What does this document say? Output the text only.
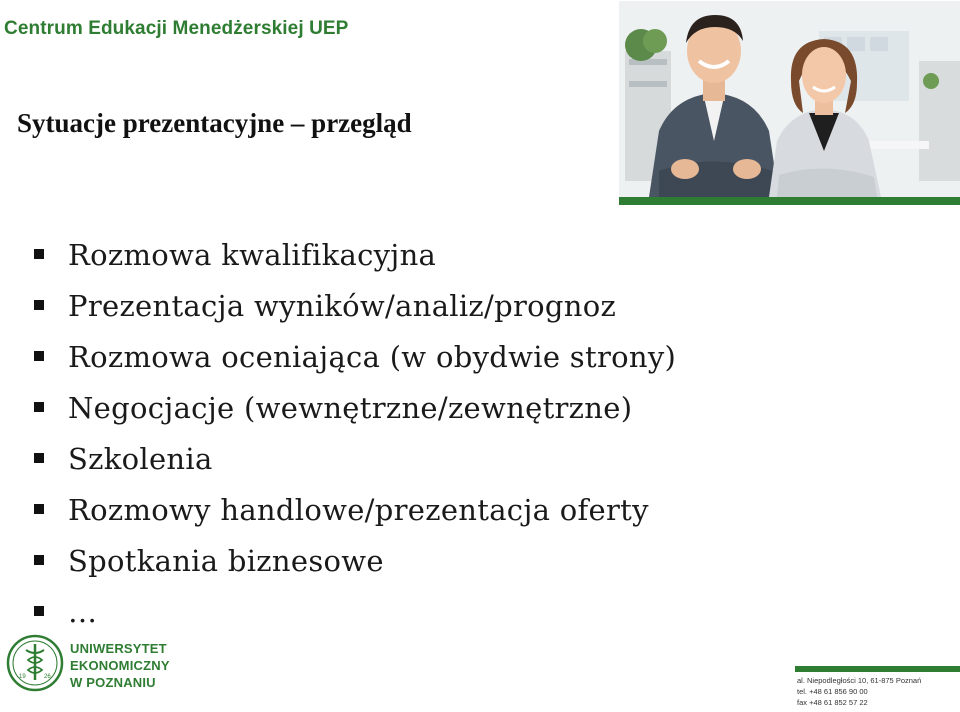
Centrum Edukacji Menedżerskiej UEP
Sytuacje prezentacyjne – przegląd
Rozmowa kwalifikacyjna
Prezentacja wyników/analiz/prognoz
Rozmowa oceniająca (w obydwie strony)
Negocjacje (wewnętrzne/zewnętrzne)
Szkolenia
Rozmowy handlowe/prezentacja oferty
Spotkania biznesowe
…
19	26
UNIWERSYTET
EKONOMICZNY
W POZNANIU	al. Niepodległości 10, 61-875 Poznań
tel. +48 61 856 90 00
fax +48 61 852 57 22
